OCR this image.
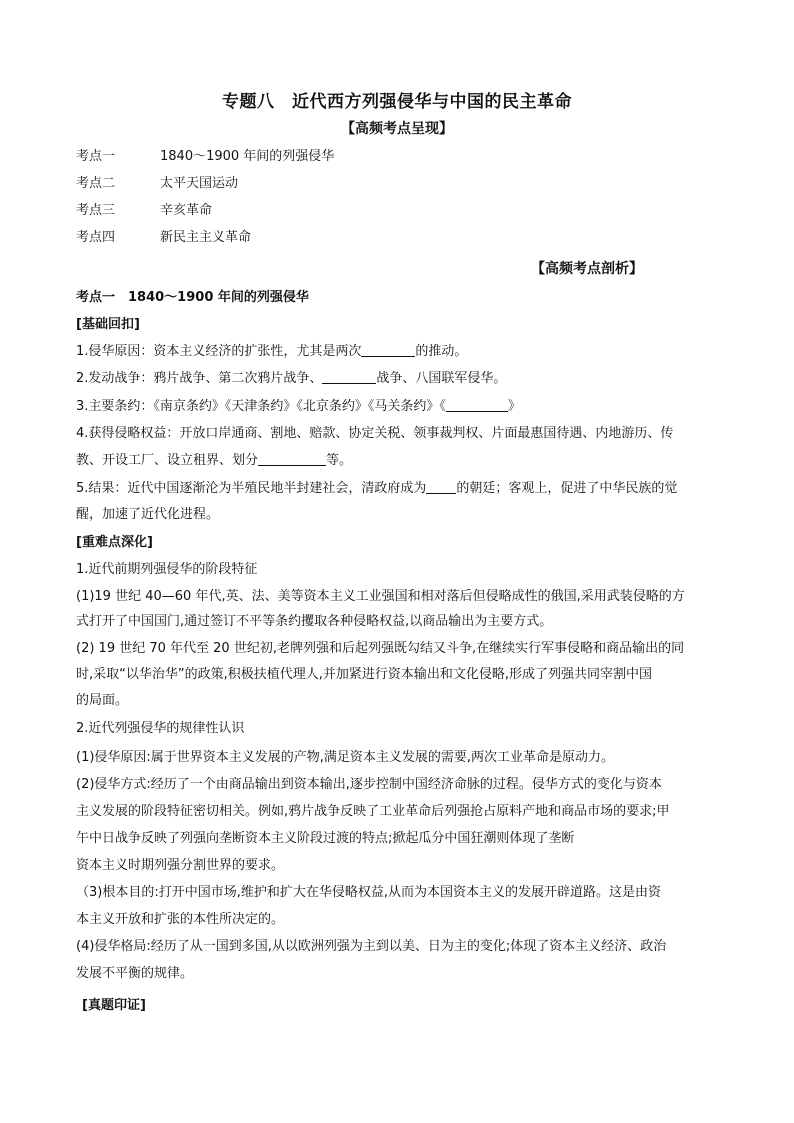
专题八　近代西方列强侵华与中国的民主革命
【高频考点呈现】
考点一	1840～1900 年间的列强侵华
考点二	太平天国运动
考点三	辛亥革命
考点四	新民主主义革命
【高频考点剖析】
考点一　1840～1900 年间的列强侵华
[基础回扣]
1.侵华原因：资本主义经济的扩张性，尤其是两次	的推动。
2.发动战争：鸦片战争、第二次鸦片战争、	战争、八国联军侵华。
3.主要条约：《南京条约》《天津条约》《北京条约》《马关条约》《	》
4.获得侵略权益：开放口岸通商、割地、赔款、协定关税、领事裁判权、片面最惠国待遇、内地游历、传
教、开设工厂、设立租界、划分	等。
5.结果：近代中国逐渐沦为半殖民地半封建社会，清政府成为 的朝廷；客观上，促进了中华民族的觉
醒，加速了近代化进程。
[重难点深化]
1.近代前期列强侵华的阶段特征
(1)19 世纪 40—60 年代,英、法、美等资本主义工业强国和相对落后但侵略成性的俄国,采用武装侵略的方
式打开了中国国门,通过签订不平等条约攫取各种侵略权益,以商品输出为主要方式。
(2) 19 世纪 70 年代至 20 世纪初,老牌列强和后起列强既勾结又斗争,在继续实行军事侵略和商品输出的同
时,采取“以华治华”的政策,积极扶植代理人,并加紧进行资本输出和文化侵略,形成了列强共同宰割中国
的局面。
2.近代列强侵华的规律性认识
(1)侵华原因:属于世界资本主义发展的产物,满足资本主义发展的需要,两次工业革命是原动力。
(2)侵华方式:经历了一个由商品输出到资本输出,逐步控制中国经济命脉的过程。侵华方式的变化与资本
主义发展的阶段特征密切相关。例如,鸦片战争反映了工业革命后列强抢占原料产地和商品市场的要求;甲
午中日战争反映了列强向垄断资本主义阶段过渡的特点;掀起瓜分中国狂潮则体现了垄断
资本主义时期列强分割世界的要求。
（3)根本目的:打开中国市场,维护和扩大在华侵略权益,从而为本国资本主义的发展开辟道路。这是由资
本主义开放和扩张的本性所决定的。
(4)侵华格局:经历了从一国到多国,从以欧洲列强为主到以美、日为主的变化;体现了资本主义经济、政治
发展不平衡的规律。
[真题印证]
